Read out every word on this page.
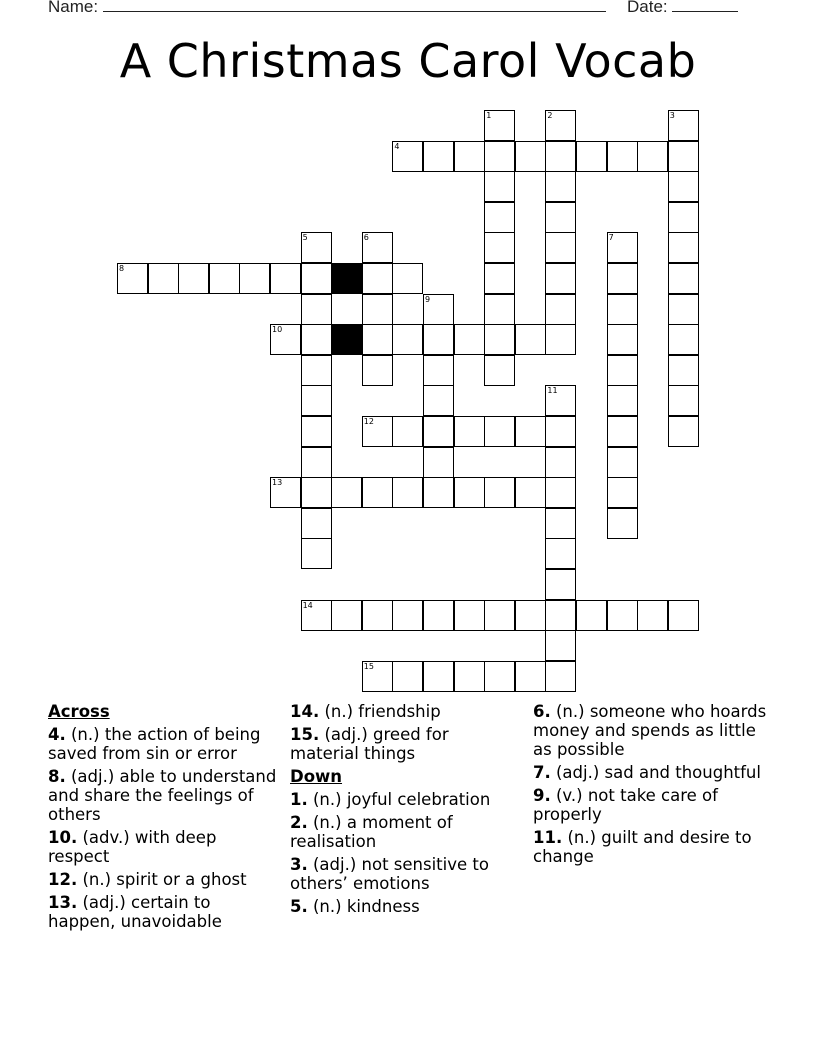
Name:	Date:
A Christmas Carol Vocab
4
8
10
12
13
14
15
1	2	3
5	6	7
9
11
Across
4. (n.) the action of being saved from sin or error
8. (adj.) able to understand and share the feelings of others
10. (adv.) with deep respect
12. (n.) spirit or a ghost
13. (adj.) certain to happen, unavoidable
14. (n.) friendship
15. (adj.) greed for material things
Down
1. (n.) joyful celebration
2. (n.) a moment of realisation
3. (adj.) not sensitive to others’ emotions
5. (n.) kindness
6. (n.) someone who hoards money and spends as little as possible
7. (adj.) sad and thoughtful
9. (v.) not take care of properly
11. (n.) guilt and desire to change
